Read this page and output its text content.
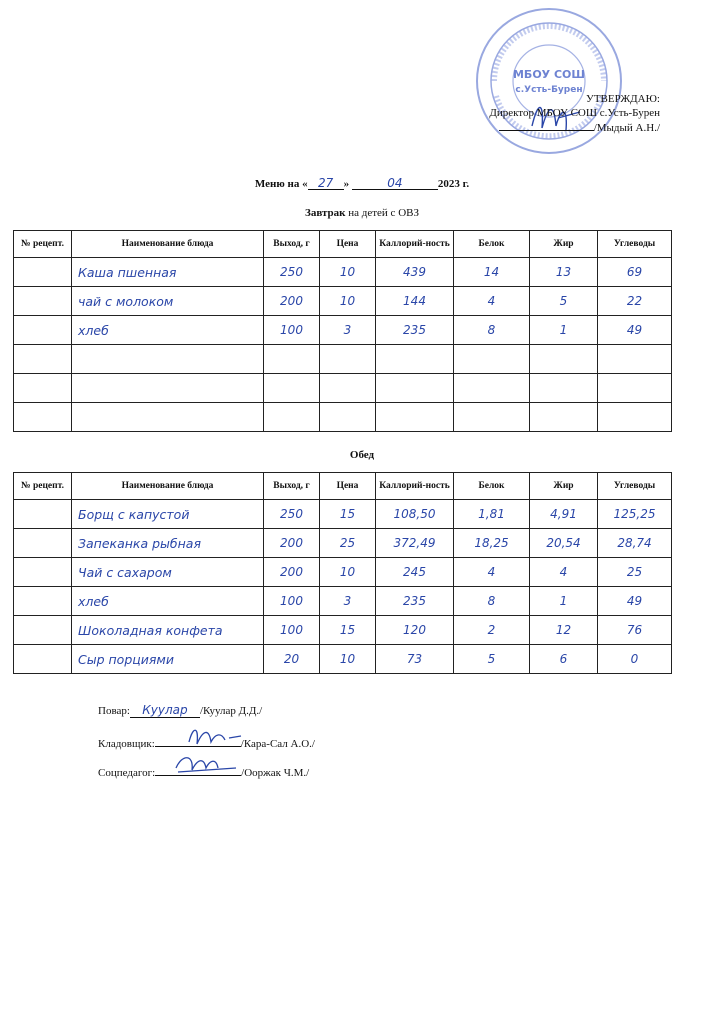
МБОУ СОШ
с.Усть-Бурен
УТВЕРЖДАЮ:
Директор МБОУ СОШ с.Усть-Бурен
/Мыдый А.Н./
Меню на « 27 »	04	2023 г.
Завтрак на детей с ОВЗ
№ рецепт.	Наименование блюда	Выход, г	Цена	Каллорий-ность	Белок	Жир	Углеводы
	Каша пшенная	250	10	439	14	13	69
	чай с молоком	200	10	144	4	5	22
	хлеб	100	3	235	8	1	49

Обед
№ рецепт.	Наименование блюда	Выход, г	Цена	Каллорий-ность	Белок	Жир	Углеводы
	Борщ с капустой	250	15	108,50	1,81	4,91	125,25
	Запеканка рыбная	200	25	372,49	18,25	20,54	28,74
	Чай с сахаром	200	10	245	4	4	25
	хлеб	100	3	235	8	1	49
	Шоколадная конфета	100	15	120	2	12	76
	Сыр порциями	20	10	73	5	6	0
Повар: Куулар /Куулар Д.Д./
Кладовщик:	/Кара-Сал А.О./
Соцпедагог:	/Ооржак Ч.М./
